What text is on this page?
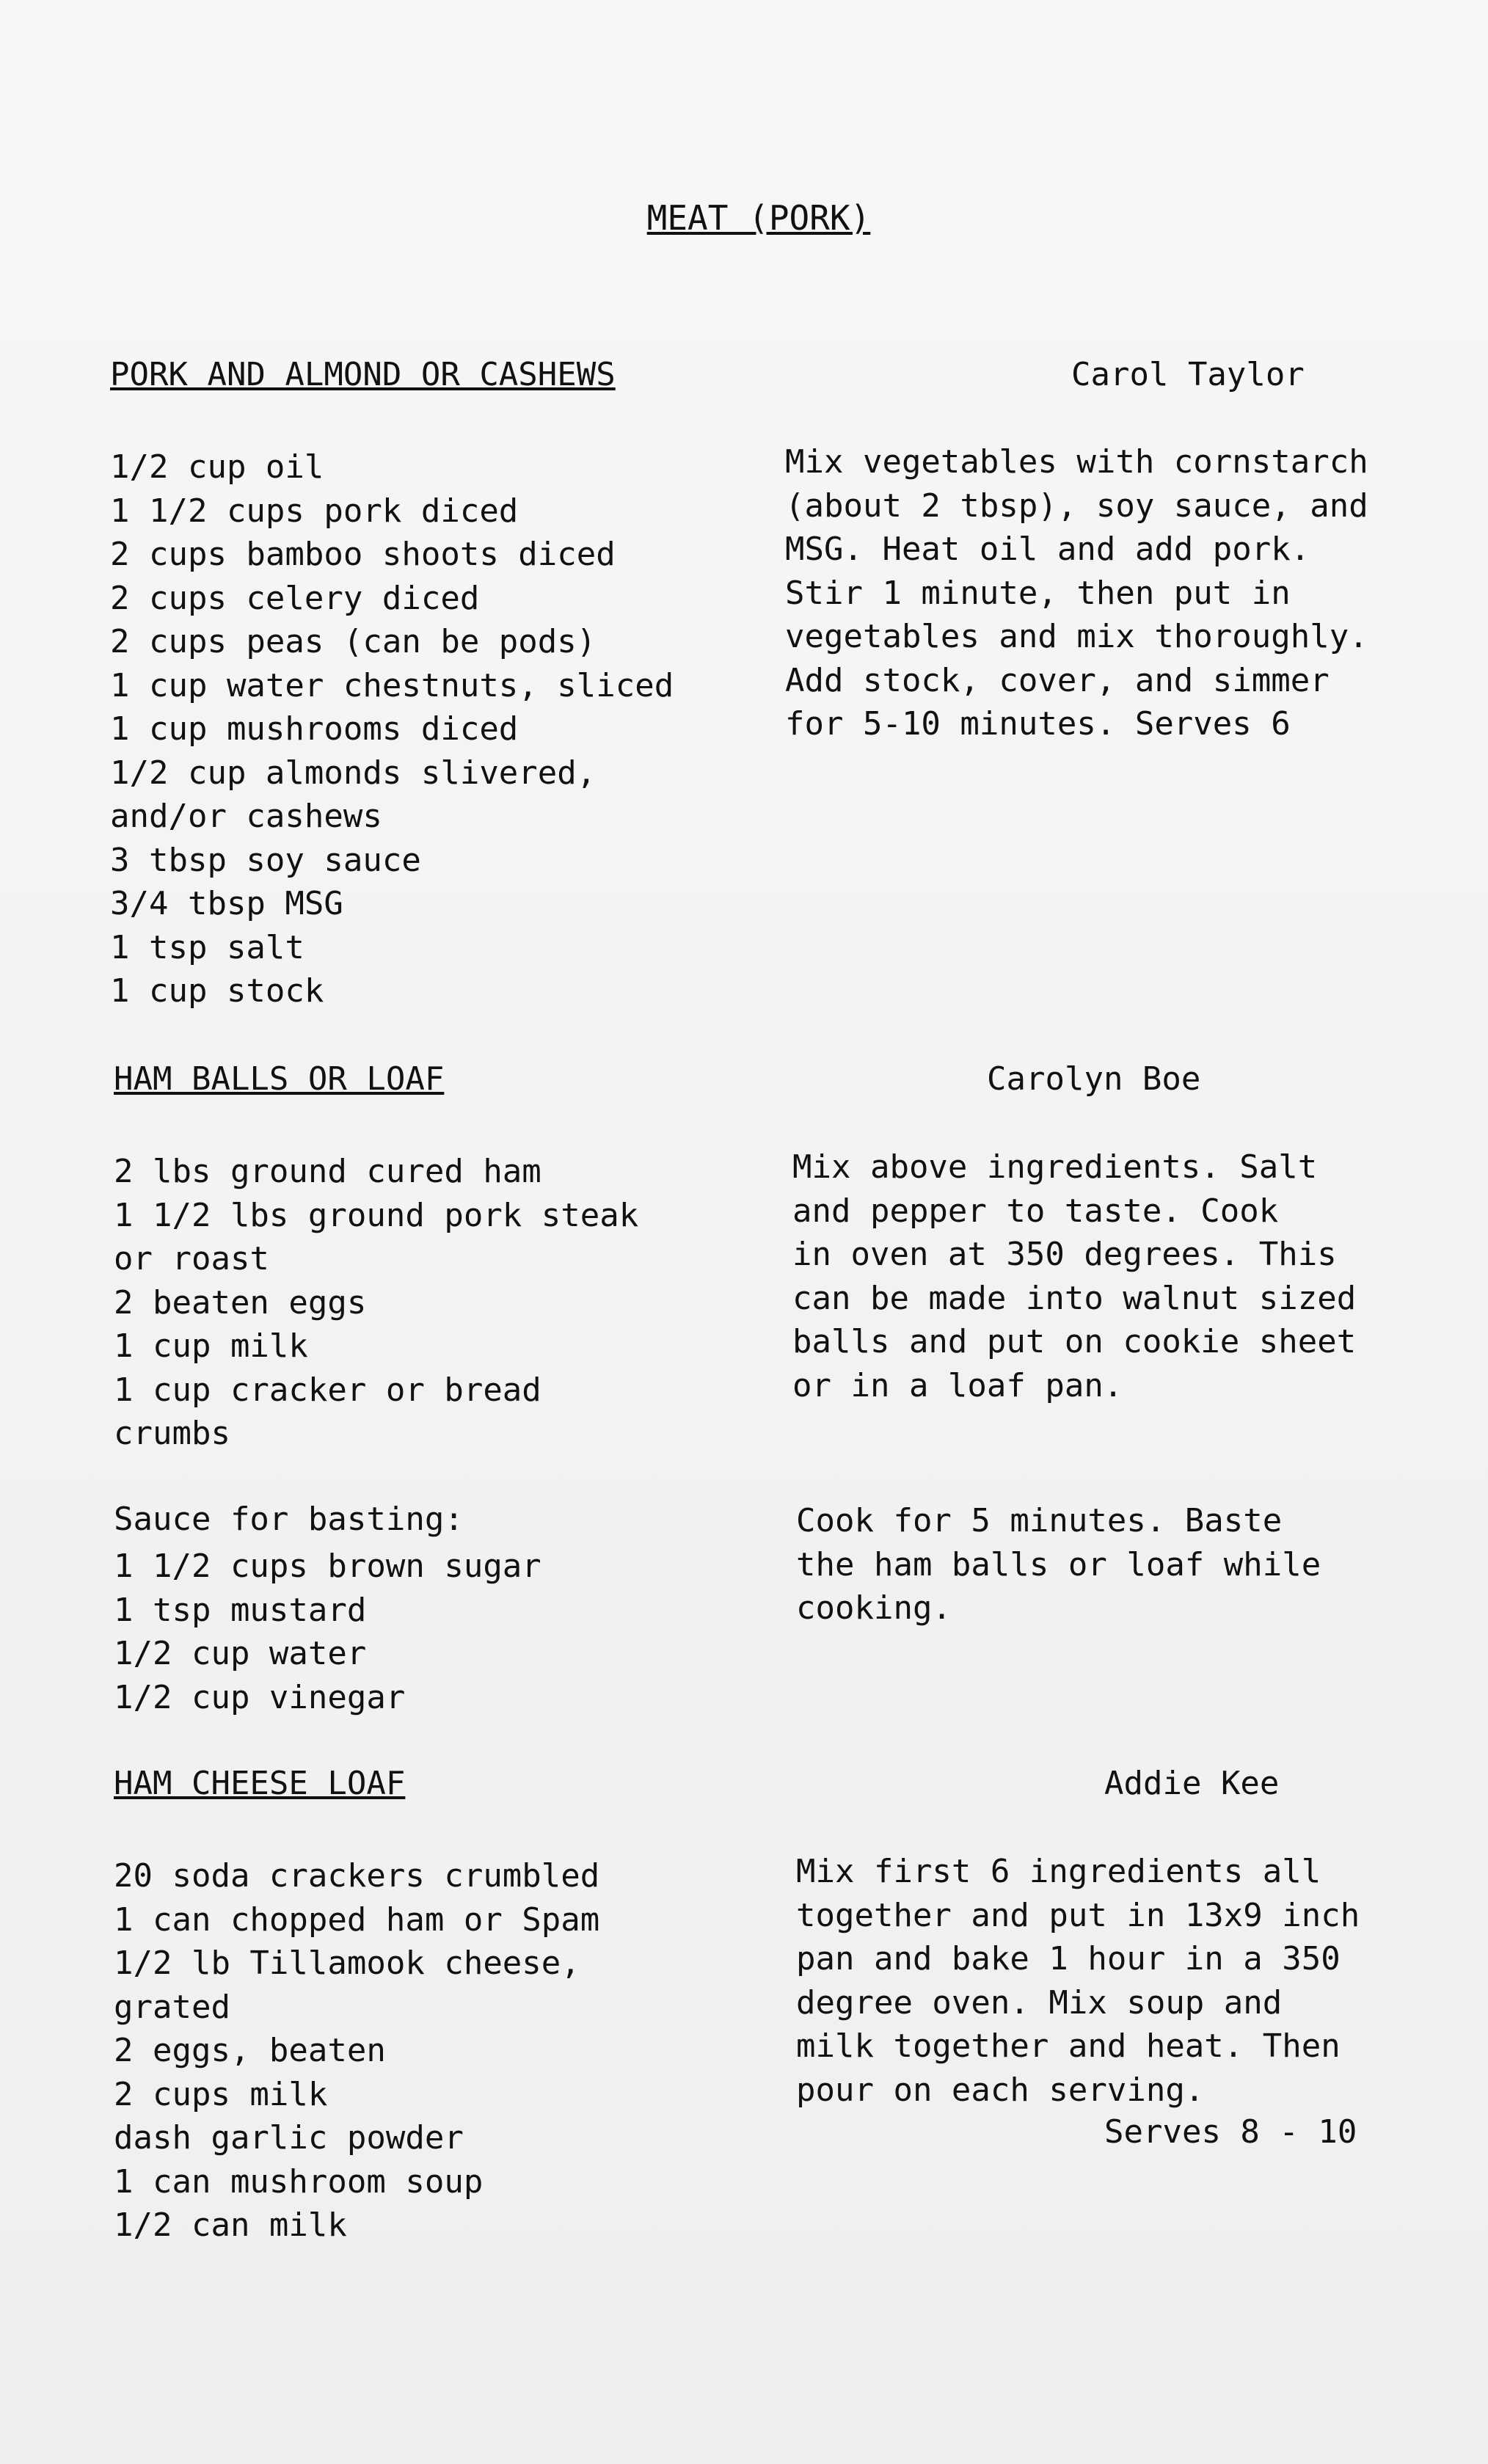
MEAT (PORK)
PORK AND ALMOND OR CASHEWS	Carol Taylor
1/2 cup oil
1 1/2 cups pork diced
2 cups bamboo shoots diced
2 cups celery diced
2 cups peas (can be pods)
1 cup water chestnuts, sliced
1 cup mushrooms diced
1/2 cup almonds slivered,
and/or cashews
3 tbsp soy sauce
3/4 tbsp MSG
1 tsp salt
1 cup stock
Mix vegetables with cornstarch
(about 2 tbsp), soy sauce, and
MSG. Heat oil and add pork.
Stir 1 minute, then put in
vegetables and mix thoroughly.
Add stock, cover, and simmer
for 5-10 minutes. Serves 6
HAM BALLS OR LOAF	Carolyn Boe
2 lbs ground cured ham
1 1/2 lbs ground pork steak
or roast
2 beaten eggs
1 cup milk
1 cup cracker or bread
crumbs
Mix above ingredients. Salt
and pepper to taste. Cook
in oven at 350 degrees. This
can be made into walnut sized
balls and put on cookie sheet
or in a loaf pan.
Sauce for basting:
1 1/2 cups brown sugar
1 tsp mustard
1/2 cup water
1/2 cup vinegar
Cook for 5 minutes. Baste
the ham balls or loaf while
cooking.
HAM CHEESE LOAF	Addie Kee
20 soda crackers crumbled
1 can chopped ham or Spam
1/2 lb Tillamook cheese,
grated
2 eggs, beaten
2 cups milk
dash garlic powder
1 can mushroom soup
1/2 can milk
Mix first 6 ingredients all
together and put in 13x9 inch
pan and bake 1 hour in a 350
degree oven. Mix soup and
milk together and heat. Then
pour on each serving.
Serves 8 - 10
